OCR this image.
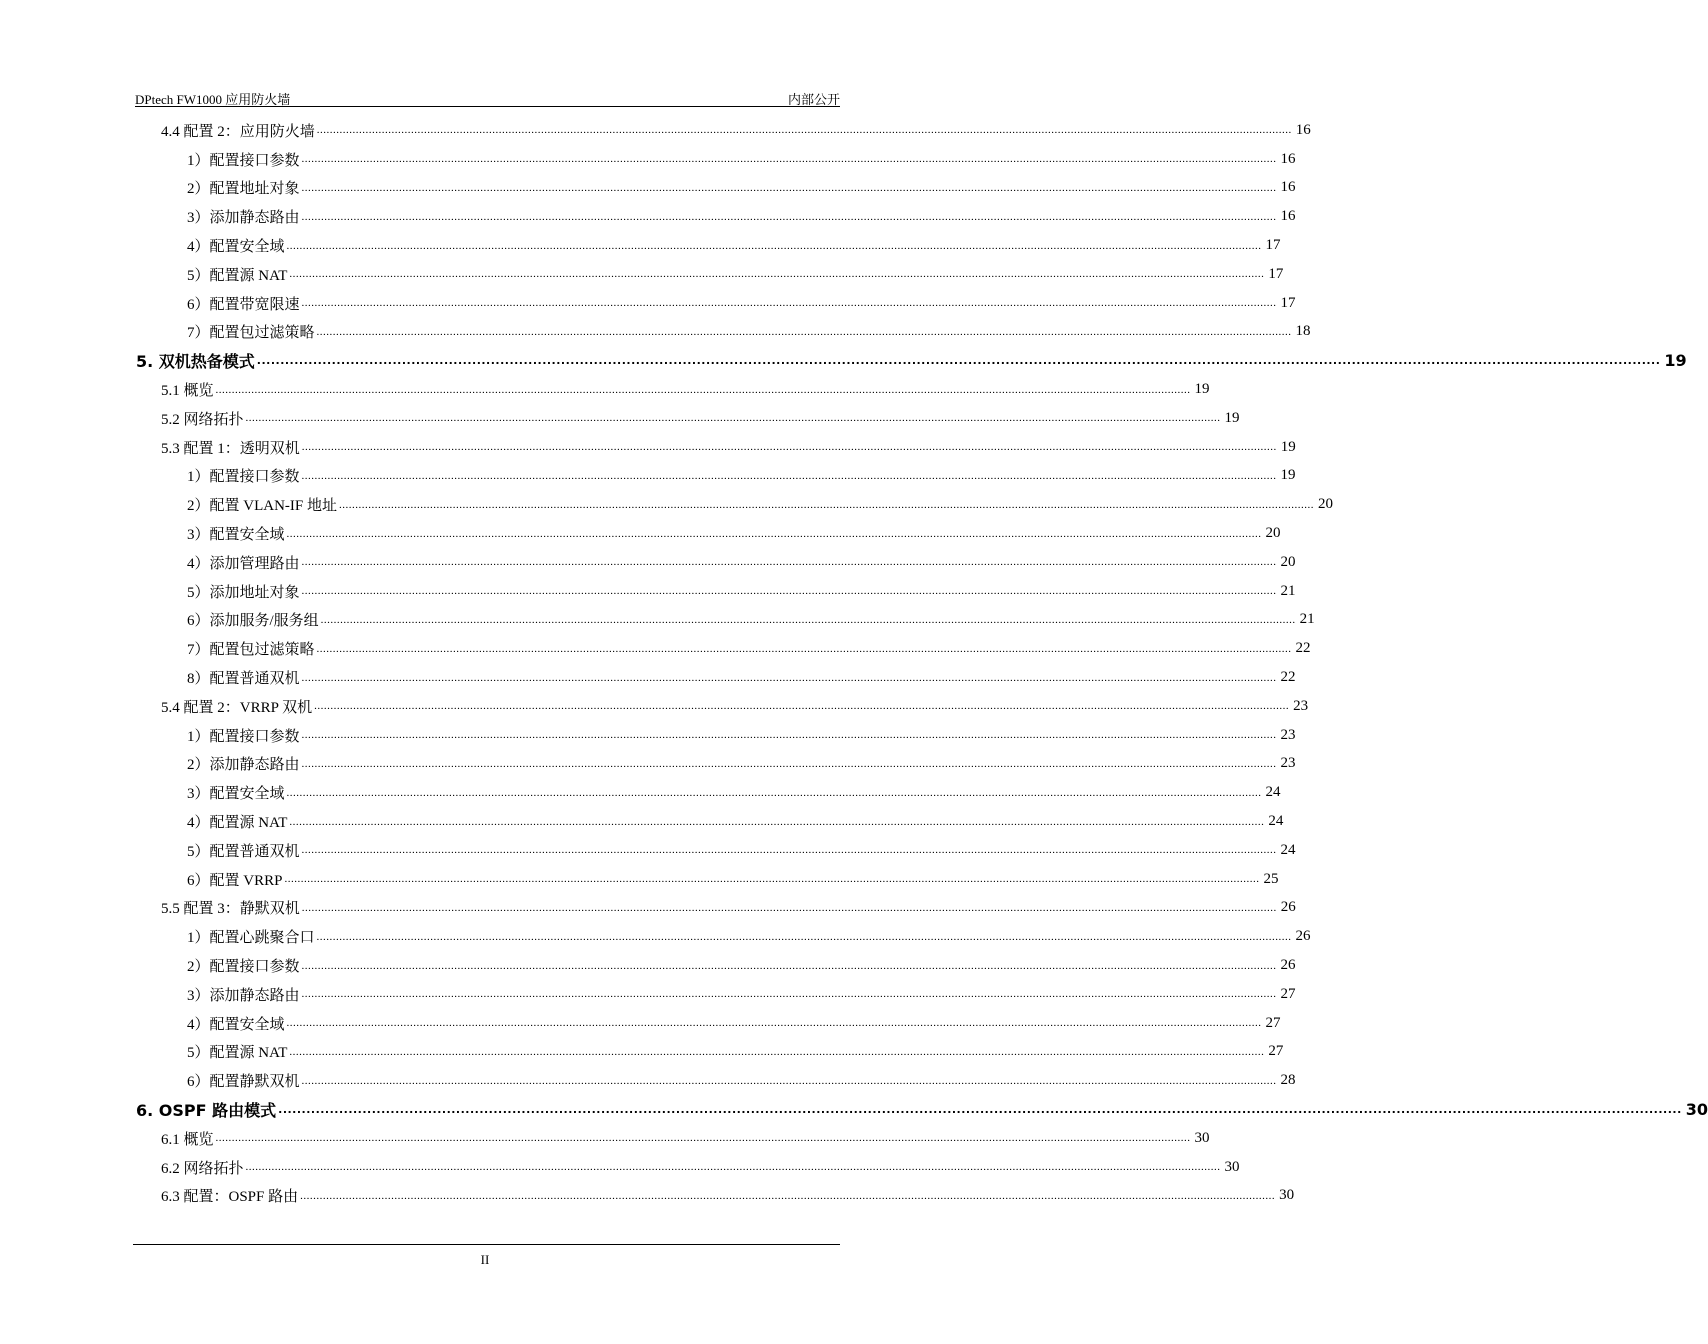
DPtech FW1000 应用防火墙	内部公开
4.4 配置 2：应用防火墙 ............................................................................................................................................................................................................................................................................................................ 16
1）配置接口参数 ............................................................................................................................................................................................................................................................................................................ 16
2）配置地址对象 ............................................................................................................................................................................................................................................................................................................ 16
3）添加静态路由 ............................................................................................................................................................................................................................................................................................................ 16
4）配置安全域 ............................................................................................................................................................................................................................................................................................................ 17
5）配置源 NAT ............................................................................................................................................................................................................................................................................................................ 17
6）配置带宽限速 ............................................................................................................................................................................................................................................................................................................ 17
7）配置包过滤策略 ............................................................................................................................................................................................................................................................................................................ 18
5. 双机热备模式 ............................................................................................................................................................................................................................................................................................................ 19
5.1 概览 ............................................................................................................................................................................................................................................................................................................ 19
5.2 网络拓扑 ............................................................................................................................................................................................................................................................................................................ 19
5.3 配置 1：透明双机 ............................................................................................................................................................................................................................................................................................................ 19
1）配置接口参数 ............................................................................................................................................................................................................................................................................................................ 19
2）配置 VLAN-IF 地址 ............................................................................................................................................................................................................................................................................................................ 20
3）配置安全域 ............................................................................................................................................................................................................................................................................................................ 20
4）添加管理路由 ............................................................................................................................................................................................................................................................................................................ 20
5）添加地址对象 ............................................................................................................................................................................................................................................................................................................ 21
6）添加服务/服务组 ............................................................................................................................................................................................................................................................................................................ 21
7）配置包过滤策略 ............................................................................................................................................................................................................................................................................................................ 22
8）配置普通双机 ............................................................................................................................................................................................................................................................................................................ 22
5.4 配置 2：VRRP 双机 ............................................................................................................................................................................................................................................................................................................ 23
1）配置接口参数 ............................................................................................................................................................................................................................................................................................................ 23
2）添加静态路由 ............................................................................................................................................................................................................................................................................................................ 23
3）配置安全域 ............................................................................................................................................................................................................................................................................................................ 24
4）配置源 NAT ............................................................................................................................................................................................................................................................................................................ 24
5）配置普通双机 ............................................................................................................................................................................................................................................................................................................ 24
6）配置 VRRP ............................................................................................................................................................................................................................................................................................................ 25
5.5 配置 3：静默双机 ............................................................................................................................................................................................................................................................................................................ 26
1）配置心跳聚合口 ............................................................................................................................................................................................................................................................................................................ 26
2）配置接口参数 ............................................................................................................................................................................................................................................................................................................ 26
3）添加静态路由 ............................................................................................................................................................................................................................................................................................................ 27
4）配置安全域 ............................................................................................................................................................................................................................................................................................................ 27
5）配置源 NAT ............................................................................................................................................................................................................................................................................................................ 27
6）配置静默双机 ............................................................................................................................................................................................................................................................................................................ 28
6. OSPF 路由模式 ............................................................................................................................................................................................................................................................................................................ 30
6.1 概览 ............................................................................................................................................................................................................................................................................................................ 30
6.2 网络拓扑 ............................................................................................................................................................................................................................................................................................................ 30
6.3 配置：OSPF 路由 ............................................................................................................................................................................................................................................................................................................ 30
II
